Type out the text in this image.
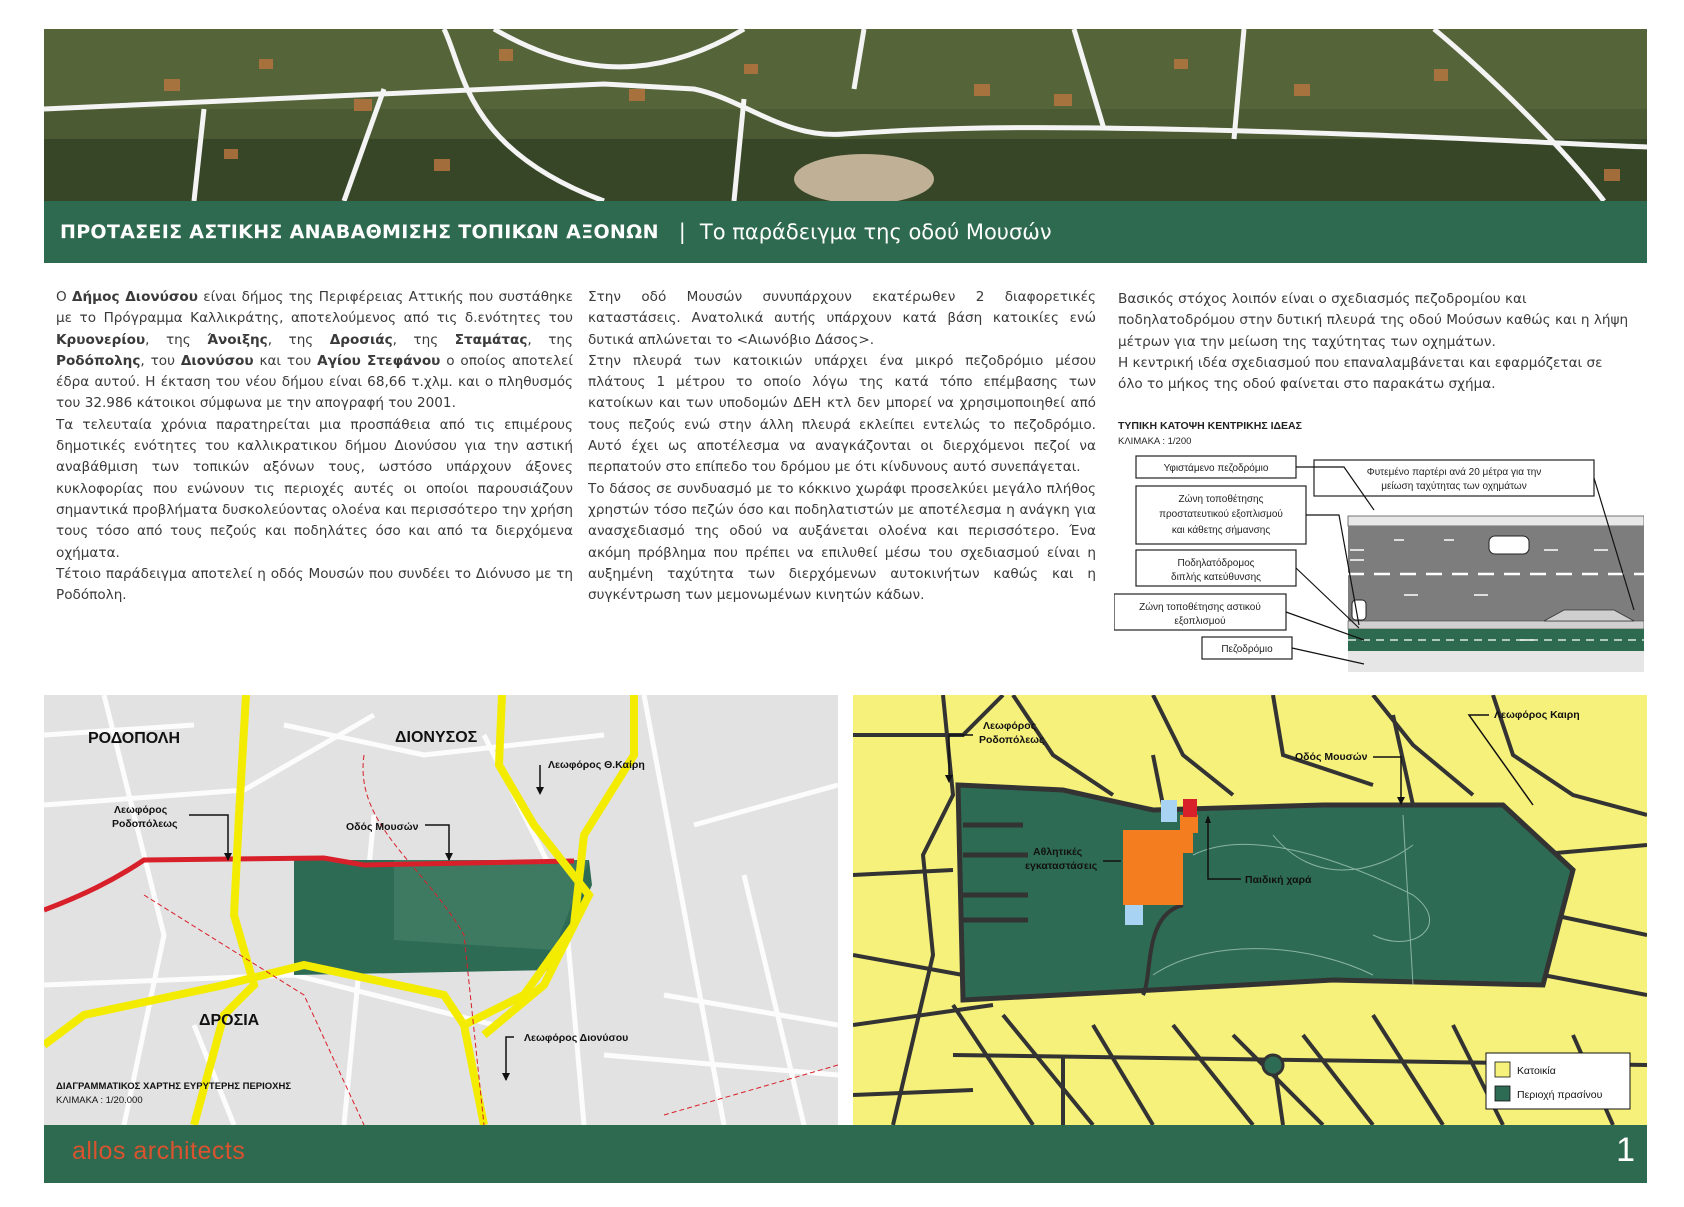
ΠΡΟΤΑΣΕΙΣ ΑΣΤΙΚΗΣ ΑΝΑΒΑΘΜΙΣΗΣ ΤΟΠΙΚΩΝ ΑΞΟΝΩΝ | Το παράδειγμα της οδού Μουσών

Ο Δήμος Διονύσου είναι δήμος της Περιφέρειας Αττικής που συστάθηκε με το Πρόγραμμα Καλλικράτης, αποτελούμενος από τις δ.ενότητες του Κρυονερίου, της Άνοιξης, της Δροσιάς, της Σταμάτας, της Ροδόπολης, του Διονύσου και του Αγίου Στεφάνου ο οποίος αποτελεί έδρα αυτού. Η έκταση του νέου δήμου είναι 68,66 τ.χλμ. και ο πληθυσμός του 32.986 κάτοικοι σύμφωνα με την απογραφή του 2001.

Τα τελευταία χρόνια παρατηρείται μια προσπάθεια από τις επιμέρους δημοτικές ενότητες του καλλικρατικου δήμου Διονύσου για την αστική αναβάθμιση των τοπικών αξόνων τους, ωστόσο υπάρχουν άξονες κυκλοφορίας που ενώνουν τις περιοχές αυτές οι οποίοι παρουσιάζουν σημαντικά προβλήματα δυσκολεύοντας ολοένα και περισσότερο την χρήση τους τόσο από τους πεζούς και ποδηλάτες όσο και από τα διερχόμενα οχήματα.

Τέτοιο παράδειγμα αποτελεί η οδός Μουσών που συνδέει το Διόνυσο με τη Ροδόπολη.

Στην οδό Μουσών συνυπάρχουν εκατέρωθεν 2 διαφορετικές καταστάσεις. Ανατολικά αυτής υπάρχουν κατά βάση κατοικίες ενώ δυτικά απλώνεται το <Αιωνόβιο Δάσος>.

Στην πλευρά των κατοικιών υπάρχει ένα μικρό πεζοδρόμιο μέσου πλάτους 1 μέτρου το οποίο λόγω της κατά τόπο επέμβασης των κατοίκων και των υποδομών ΔΕΗ κτλ δεν μπορεί να χρησιμοποιηθεί από τους πεζούς ενώ στην άλλη πλευρά εκλείπει εντελώς το πεζοδρόμιο. Αυτό έχει ως αποτέλεσμα να αναγκάζονται οι διερχόμενοι πεζοί να περπατούν στο επίπεδο του δρόμου με ότι κίνδυνους αυτό συνεπάγεται.

Το δάσος σε συνδυασμό με το κόκκινο χωράφι προσελκύει μεγάλο πλήθος χρηστών τόσο πεζών όσο και ποδηλατιστών με αποτέλεσμα η ανάγκη για ανασχεδιασμό της οδού να αυξάνεται ολοένα και περισσότερο. Ένα ακόμη πρόβλημα που πρέπει να επιλυθεί μέσω του σχεδιασμού είναι η αυξημένη ταχύτητα των διερχόμενων αυτοκινήτων καθώς και η συγκέντρωση των μεμονωμένων κινητών κάδων.

Βασικός στόχος λοιπόν είναι ο σχεδιασμός πεζοδρομίου και ποδηλατοδρόμου στην δυτική πλευρά της οδού Μούσων καθώς και η λήψη μέτρων για την μείωση της ταχύτητας των οχημάτων.

Η κεντρική ιδέα σχεδιασμού που επαναλαμβάνεται και εφαρμόζεται σε όλο το μήκος της οδού φαίνεται στο παρακάτω σχήμα.

ΤΥΠΙΚΗ ΚΑΤΟΨΗ ΚΕΝΤΡΙΚΗΣ ΙΔΕΑΣ
ΚΛΙΜΑΚΑ : 1/200
Υφιστάμενο πεζοδρόμιο
Ζώνη τοποθέτησης
προστατευτικού εξοπλισμού
και κάθετης σήμανσης
Ποδηλατόδρομος
διπλής κατεύθυνσης
Ζώνη τοποθέτησης αστικού
εξοπλισμού
Πεζοδρόμιο
Φυτεμένο παρτέρι ανά 20 μέτρα για την
μείωση ταχύτητας των οχημάτων
ΡΟΔΟΠΟΛΗ	ΔΙΟΝΥΣΟΣ
ΔΡΟΣΙΑ
Λεωφόρος
Ροδοπόλεως	Οδός Μουσών
Λεωφόρος Θ.Καίρη
Λεωφόρος Διονύσου
ΔΙΑΓΡΑΜΜΑΤΙΚΟΣ ΧΑΡΤΗΣ ΕΥΡΥΤΕΡΗΣ ΠΕΡΙΟΧΗΣ
ΚΛΙΜΑΚΑ : 1/20.000
Λεωφόρος
Ροδοπόλεως
Λεωφόρος Καιρη
Οδός Μουσών
Αθλητικές
εγκαταστάσεις
Παιδική χαρά
Κατοικία
Περιοχή πρασίνου
allos architects	1
